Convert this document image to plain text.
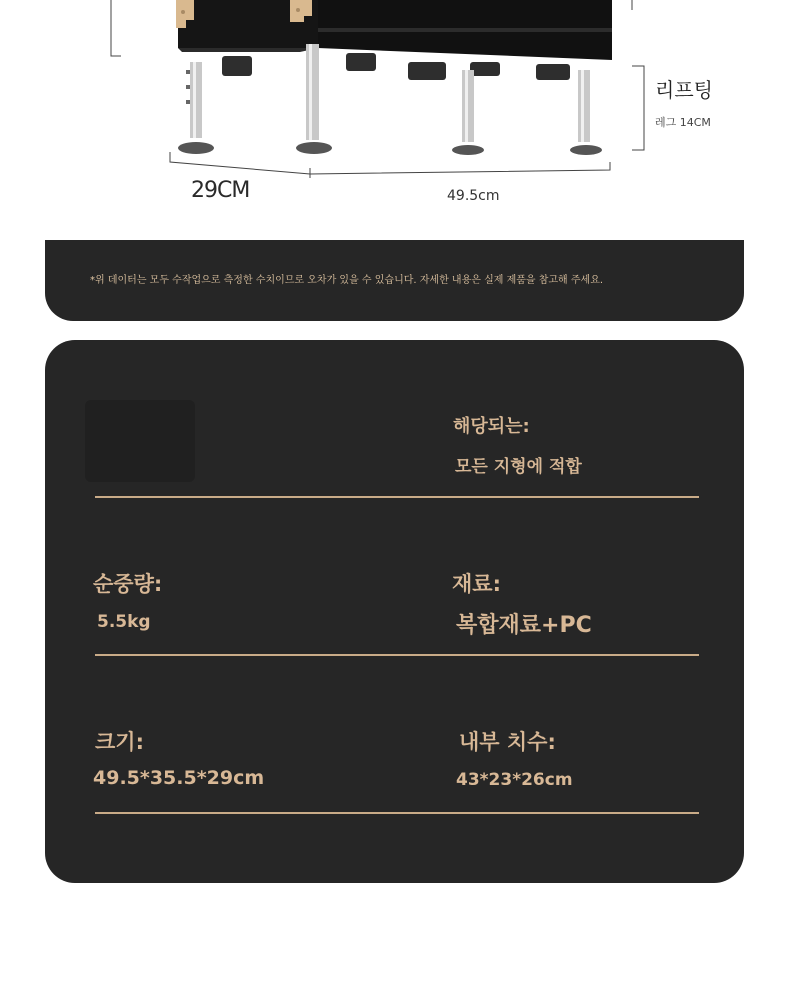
29CM	49.5cm
리프팅
레그 14CM
*위 데이터는 모두 수작업으로 측정한 수치이므로 오차가 있을 수 있습니다. 자세한 내용은 실제 제품을 참고해 주세요.
해당되는:
모든 지형에 적합
순중량:
5.5kg
재료:
복합재료+PC
크기:
49.5*35.5*29cm
내부 치수:
43*23*26cm
